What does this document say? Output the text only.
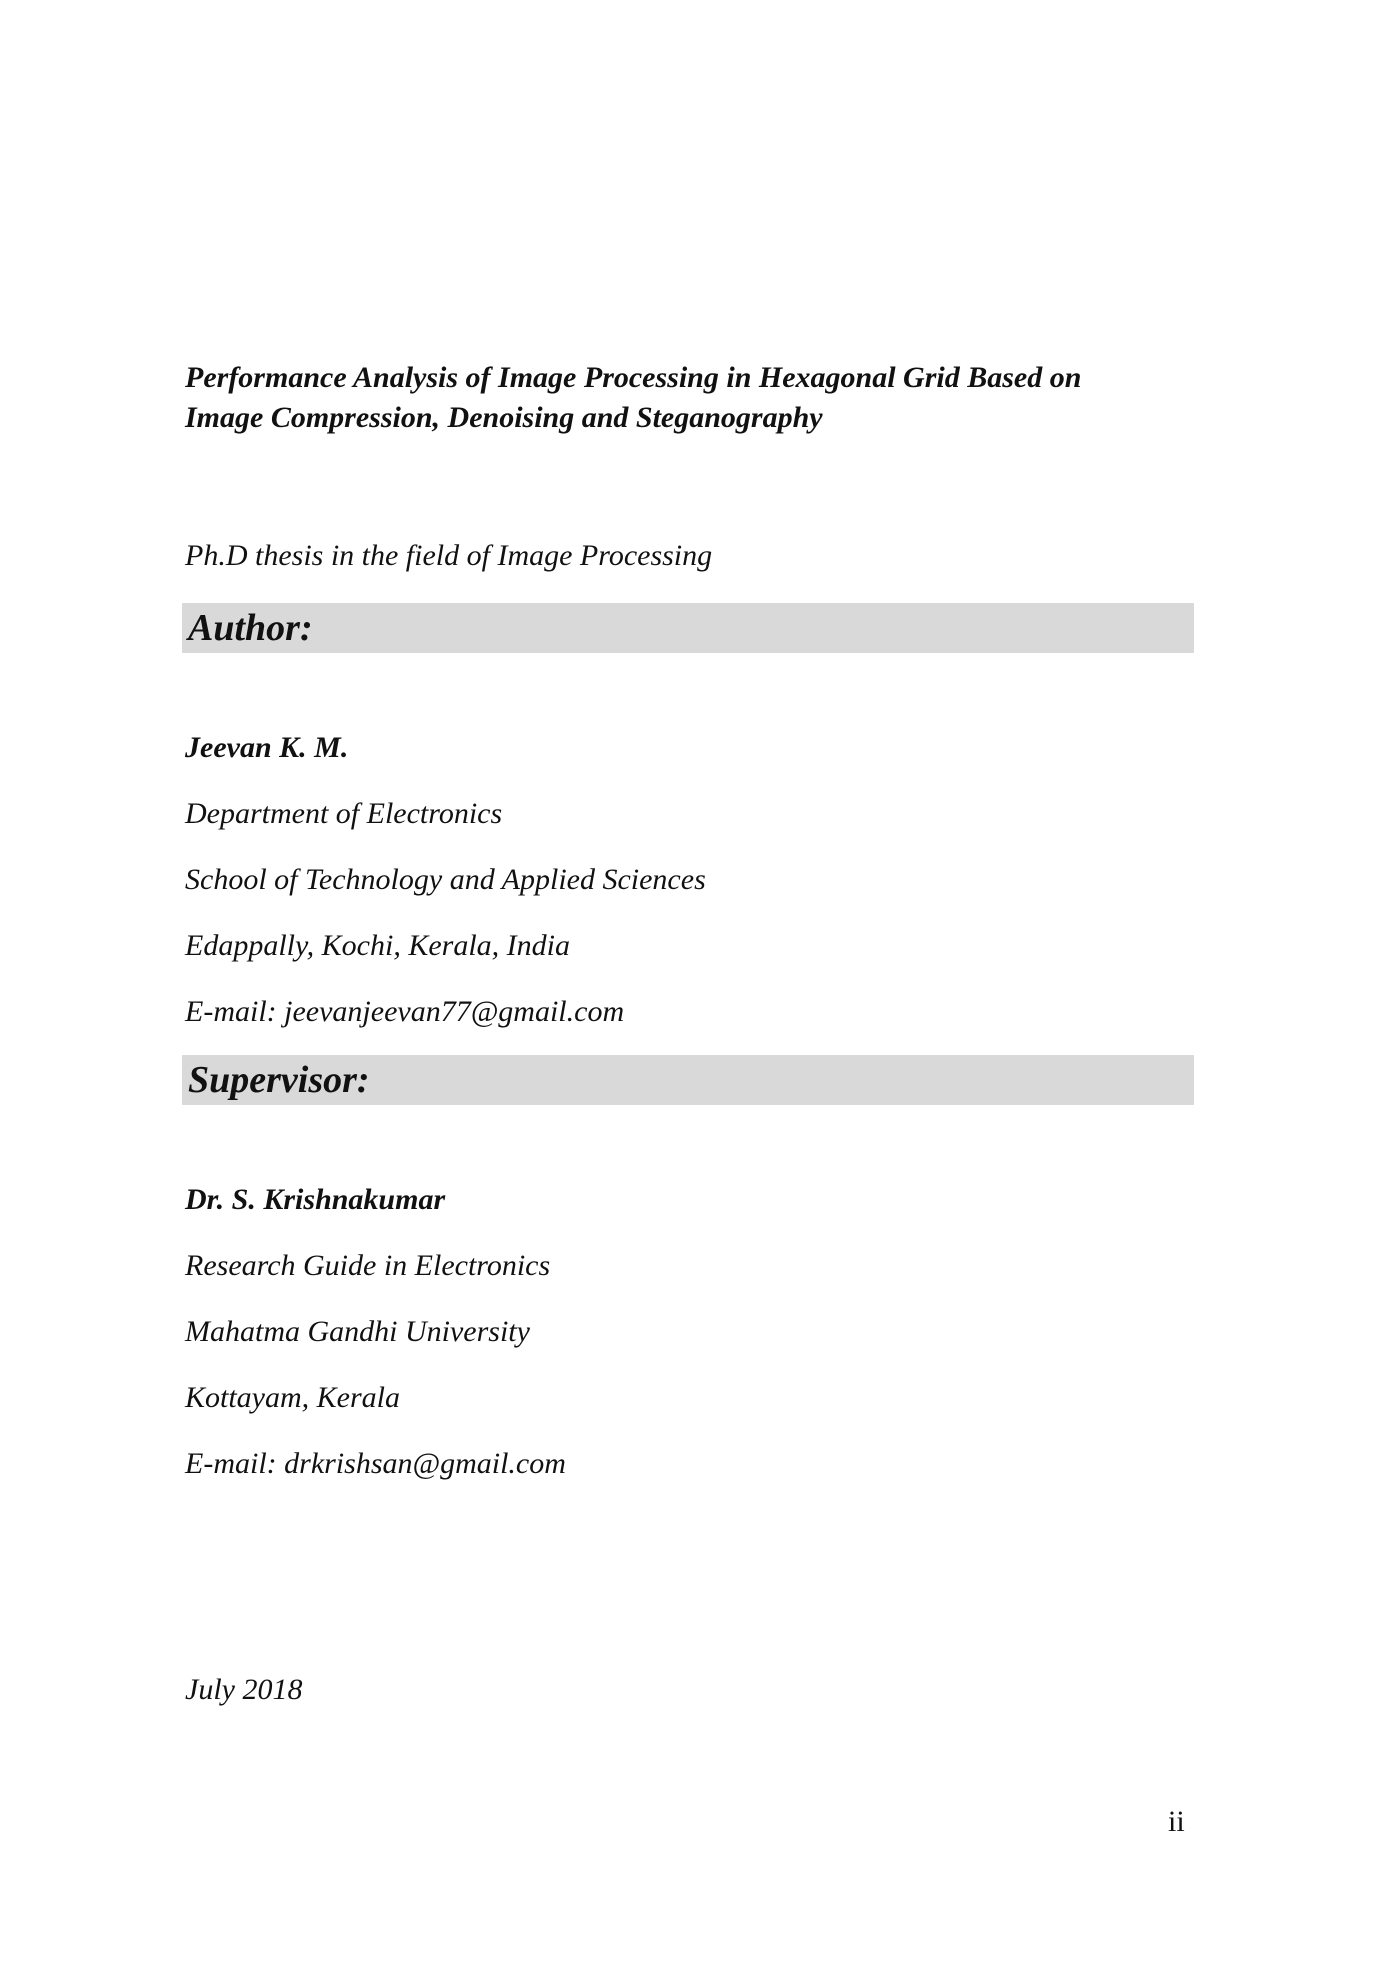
Performance Analysis of Image Processing in Hexagonal Grid Based on
Image Compression, Denoising and Steganography
Ph.D thesis in the field of Image Processing
Author:
Jeevan K. M.
Department of Electronics
School of Technology and Applied Sciences
Edappally, Kochi, Kerala, India
E-mail: jeevanjeevan77@gmail.com
Supervisor:
Dr. S. Krishnakumar
Research Guide in Electronics
Mahatma Gandhi University
Kottayam, Kerala
E-mail: drkrishsan@gmail.com
July 2018
ii
